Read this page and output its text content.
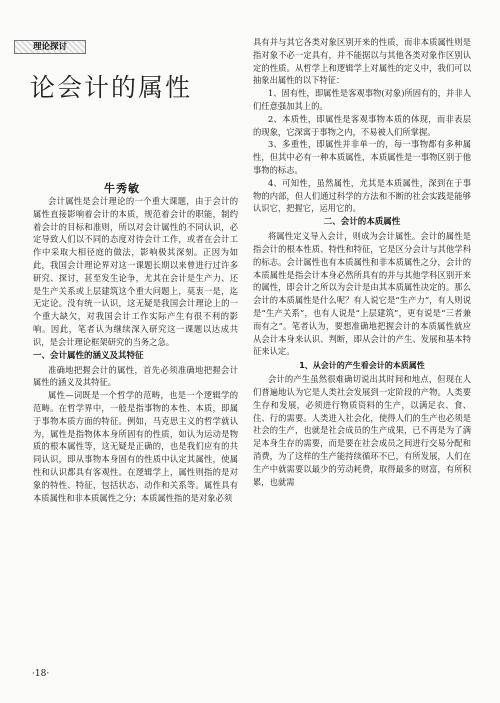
理论探讨
论会计的属性
牛秀敏

会计属性是会计理论的一个重大课题，由于会计的属性直接影响着会计的本质，规范着会计的职能，制约着会计的目标和准则，所以对会计属性的不同认识，必定导致人们以不同的态度对待会计工作，或者在会计工作中采取大相径庭的做法，影响极其深刻。正因为如此，我国会计理论界对这一课题长期以来曾进行过许多研究、探讨，甚至发生论争，尤其在会计是生产力、还是生产关系或上层建筑这个重大问题上，莫衷一是，迄无定论。没有统一认识，这无疑是我国会计理论上的一个重大缺欠，对我国会计工作实际产生有很不利的影响。因此，笔者认为继续深入研究这一课题以达成共识，是会计理论框架研究的当务之急。

一、会计属性的涵义及其特征

准确地把握会计的属性，首先必须准确地把握会计属性的涵义及其特征。

属性—词既是一个哲学的范畴，也是一个逻辑学的范畴。在哲学界中，一般是指事物的本性、本质，即属于事物本质方面的特征。例如，马克思主义的哲学就认为，属性是指物体本身所固有的性质，如认为运动是物质的根本属性等，这无疑是正确的，也是我们应有的共同认识，即从事物本身固有的性质中认定其属性，使属性和认识都具有客观性。在逻辑学上，属性则指的是对象的特性、特征，包括状态、动作和关系等。属性具有本质属性和非本质属性之分；本质属性指的是对象必须

具有并与其它各类对象区别开来的性质，而非本质属性则是指对象不必一定具有，并不能据以与其他各类对象作区别认定的性质。从哲学上和逻辑学上对属性的定义中，我们可以抽象出属性的以下特征：

1、固有性，即属性是客观事物(对象)所固有的，并非人们任意强加其上的。

2、本质性，即属性是客观事物本质的体现，而非表层的现象，它深寓于事物之内，不易被人们所掌握。

3、多重性，即属性并非单一的，每一事物都有多种属性，但其中必有一种本质属性，本质属性是一事物区别于他事物的标志。

4、可知性，虽然属性，尤其是本质属性，深到在于事物的内部，但人们通过科学的方法和不断的社会实践是能够认识它，把握它，运用它的。

二、会计的本质属性

将属性定义导入会计，则成为会计属性。会计的属性是指会计的根本性质、特性和特征，它是区分会计与其他学科的标志。会计属性也有本质属性和非本质属性之分，会计的本质属性是指会计本身必然所具有的并与其他学科区别开来的属性，即会计之所以为会计是由其本质属性决定的。那么会计的本质属性是什么呢？有人说它是“生产力”，有人则说是“生产关系”，也有人说是“上层建筑”，更有说是“三者兼而有之”。笔者认为，要想准确地把握会计的本质属性就应从会计本身来认识、判断，即从会计的产生、发展和基本特征来认定。

1、从会计的产生看会计的本质属性

会计的产生虽然很难确切说出其时间和地点，但现在人们普遍地认为它是人类社会发展到一定阶段的产物。人类要生存和发展，必须进行物质资料的生产，以满足衣、食、住、行的需要。人类进入社会化，使得人们的生产也必须是社会的生产，也就是社会成员的生产成果，已不再是为了满足本身生存的需要，而是要在社会成员之间进行交易分配和消费，为了这样的生产能持续循环不已，有所发展，人们在生产中就需要以最少的劳动耗费，取得最多的财富，有所积累，也就需

·18·
